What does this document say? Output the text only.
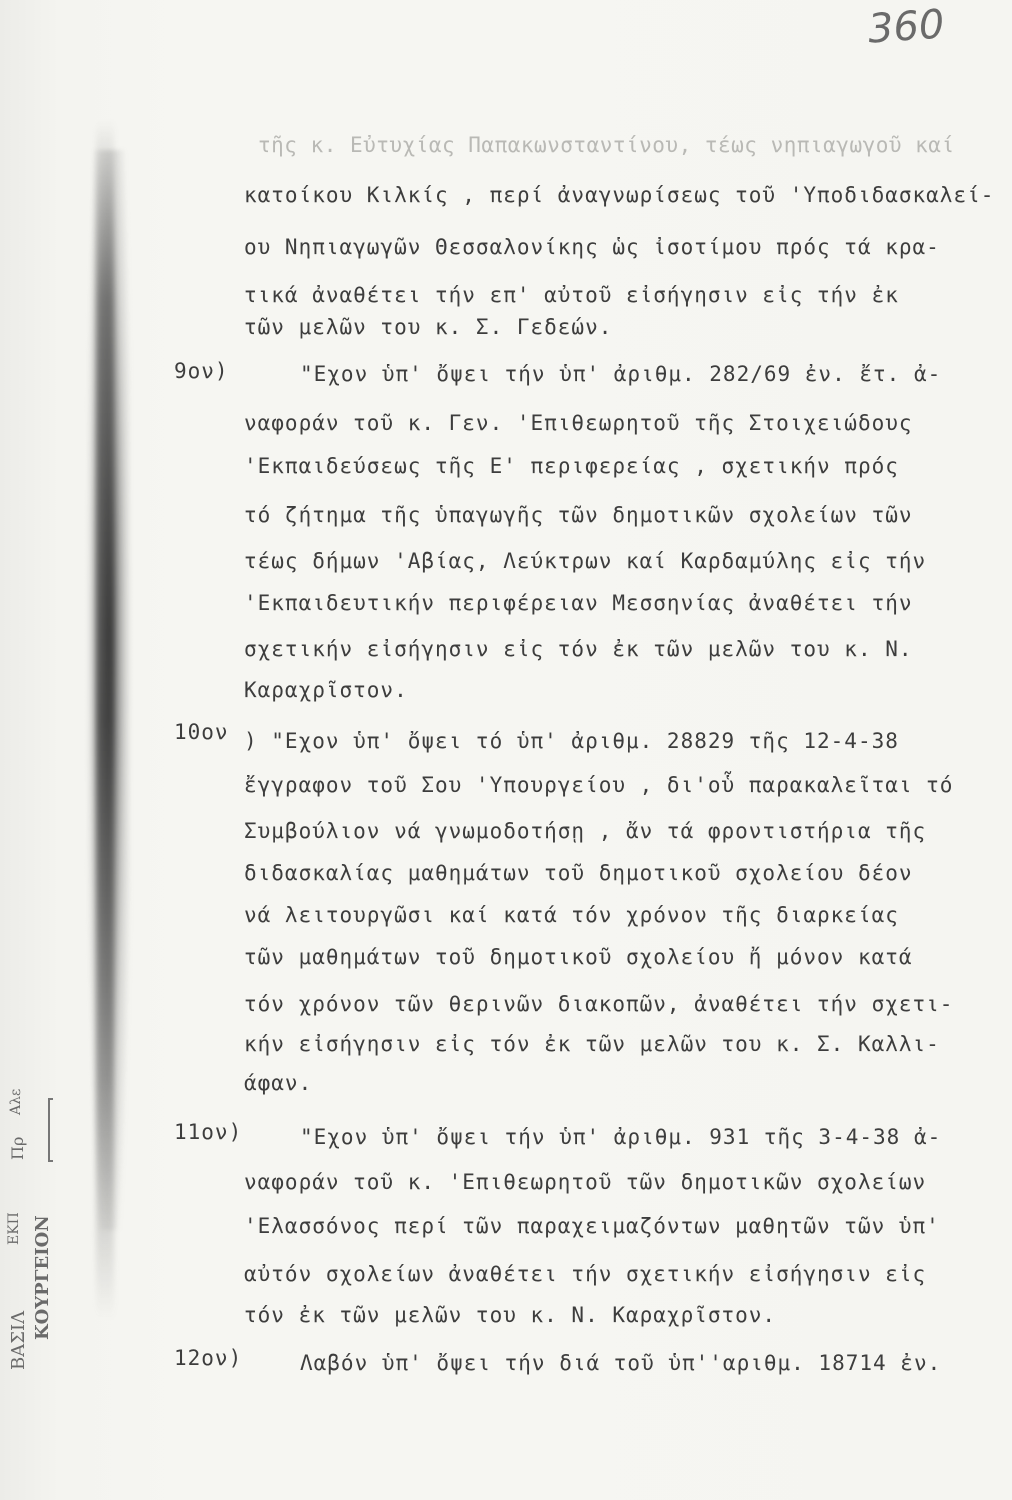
360
τῆς κ. Εὐτυχίας Παπακωνσταντίνου, τέως νηπιαγωγοῦ καί
κατοίκου Κιλκίς , περί ἀναγνωρίσεως τοῦ 'Υποδιδασκαλεί-
ου Νηπιαγωγῶν Θεσσαλονίκης ὡς ἰσοτίμου πρός τά κρα-
τικά ἀναθέτει τήν επ' αὐτοῦ εἰσήγησιν εἰς τήν ἐκ
τῶν μελῶν του κ. Σ. Γεδεών.
9ον)	"Εχον ὑπ' ὄψει τήν ὑπ' ἀριθμ. 282/69 ἐν. ἔτ. ἀ-
ναφοράν τοῦ κ. Γεν. 'Επιθεωρητοῦ τῆς Στοιχειώδους
'Εκπαιδεύσεως τῆς Ε' περιφερείας , σχετικήν πρός
τό ζήτημα τῆς ὑπαγωγῆς τῶν δημοτικῶν σχολείων τῶν
τέως δήμων 'Αβίας, Λεύκτρων καί Καρδαμύλης εἰς τήν
'Εκπαιδευτικήν περιφέρειαν Μεσσηνίας ἀναθέτει τήν
σχετικήν εἰσήγησιν εἰς τόν ἐκ τῶν μελῶν του κ. Ν.
Καραχρῖστον.
10ον ) "Εχον ὑπ' ὄψει τό ὑπ' ἀριθμ. 28829 τῆς 12-4-38
ἔγγραφον τοῦ Σου 'Υπουργείου , δι'οὗ παρακαλεῖται τό
Συμβούλιον νά γνωμοδοτήσῃ , ἄν τά φροντιστήρια τῆς
διδασκαλίας μαθημάτων τοῦ δημοτικοῦ σχολείου δέον
νά λειτουργῶσι καί κατά τόν χρόνον τῆς διαρκείας
τῶν μαθημάτων τοῦ δημοτικοῦ σχολείου ἤ μόνον κατά
τόν χρόνον τῶν θερινῶν διακοπῶν, ἀναθέτει τήν σχετι-
κήν εἰσήγησιν εἰς τόν ἐκ τῶν μελῶν του κ. Σ. Καλλι-
άφαν.
11ον)	"Εχον ὑπ' ὄψει τήν ὑπ' ἀριθμ. 931 τῆς 3-4-38 ἀ-
ναφοράν τοῦ κ. 'Επιθεωρητοῦ τῶν δημοτικῶν σχολείων
'Ελασσόνος περί τῶν παραχειμαζόντων μαθητῶν τῶν ὑπ'
αὐτόν σχολείων ἀναθέτει τήν σχετικήν εἰσήγησιν εἰς
τόν ἐκ τῶν μελῶν του κ. Ν. Καραχρῖστον.
12ον)	Λαβόν ὑπ' ὄψει τήν διά τοῦ ὑπ''αριθμ. 18714 ἐν.
ΒΑΣΙΛ
ΚΟΥΡΓΕΙΟΝ
ΕΚΠ
Πρ
Αλε
